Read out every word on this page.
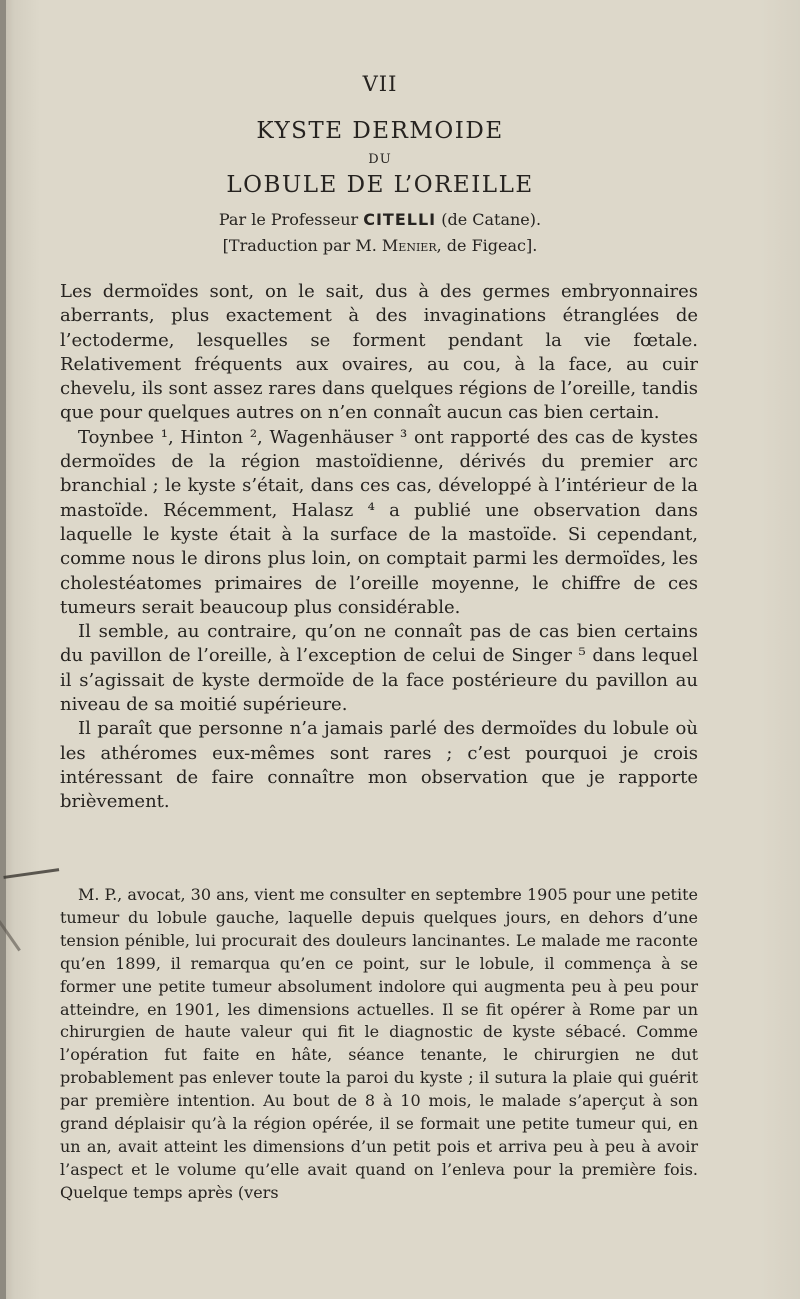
VII
KYSTE DERMOIDE
DU
LOBULE DE L’OREILLE
Par le Professeur CITELLI (de Catane).
[Traduction par M. Menier, de Figeac].

Les dermoïdes sont, on le sait, dus à des germes embryonnaires aberrants, plus exactement à des invaginations étranglées de l’ectoderme, lesquelles se forment pendant la vie fœtale. Relativement fréquents aux ovaires, au cou, à la face, au cuir chevelu, ils sont assez rares dans quelques régions de l’oreille, tandis que pour quelques autres on n’en connaît aucun cas bien certain.

Toynbee ¹, Hinton ², Wagenhäuser ³ ont rapporté des cas de kystes dermoïdes de la région mastoïdienne, dérivés du premier arc branchial ; le kyste s’était, dans ces cas, développé à l’intérieur de la mastoïde. Récemment, Halasz ⁴ a publié une observation dans laquelle le kyste était à la surface de la mastoïde. Si cependant, comme nous le dirons plus loin, on comptait parmi les dermoïdes, les cholestéatomes primaires de l’oreille moyenne, le chiffre de ces tumeurs serait beaucoup plus considérable.

Il semble, au contraire, qu’on ne connaît pas de cas bien certains du pavillon de l’oreille, à l’exception de celui de Singer ⁵ dans lequel il s’agissait de kyste dermoïde de la face postérieure du pavillon au niveau de sa moitié supérieure.

Il paraît que personne n’a jamais parlé des dermoïdes du lobule où les athéromes eux-mêmes sont rares ; c’est pourquoi je crois intéressant de faire connaître mon observation que je rapporte brièvement.

M. P., avocat, 30 ans, vient me consulter en septembre 1905 pour une petite tumeur du lobule gauche, laquelle depuis quelques jours, en dehors d’une tension pénible, lui procurait des douleurs lancinantes. Le malade me raconte qu’en 1899, il remarqua qu’en ce point, sur le lobule, il commença à se former une petite tumeur absolument indolore qui augmenta peu à peu pour atteindre, en 1901, les dimensions actuelles. Il se fit opérer à Rome par un chirurgien de haute valeur qui fit le diagnostic de kyste sébacé. Comme l’opération fut faite en hâte, séance tenante, le chirurgien ne dut probablement pas enlever toute la paroi du kyste ; il sutura la plaie qui guérit par première intention. Au bout de 8 à 10 mois, le malade s’aperçut à son grand déplaisir qu’à la région opérée, il se formait une petite tumeur qui, en un an, avait atteint les dimensions d’un petit pois et arriva peu à peu à avoir l’aspect et le volume qu’elle avait quand on l’enleva pour la première fois. Quelque temps après (vers
